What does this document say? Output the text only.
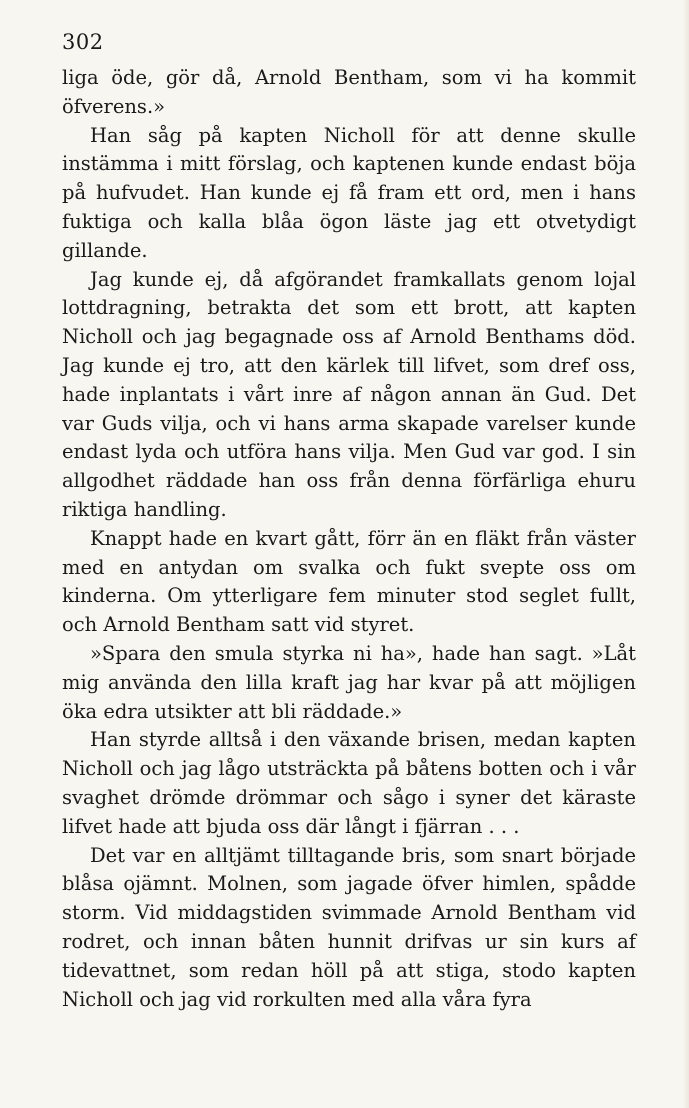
302

liga öde, gör då, Arnold Bentham, som vi ha kommit öfverens.»

Han såg på kapten Nicholl för att denne skulle instämma i mitt förslag, och kaptenen kunde endast böja på hufvudet. Han kunde ej få fram ett ord, men i hans fuktiga och kalla blåa ögon läste jag ett otvetydigt gillande.

Jag kunde ej, då afgörandet framkallats genom lojal lottdragning, betrakta det som ett brott, att kapten Nicholl och jag begagnade oss af Arnold Benthams död. Jag kunde ej tro, att den kärlek till lifvet, som dref oss, hade inplantats i vårt inre af någon annan än Gud. Det var Guds vilja, och vi hans arma skapade varelser kunde endast lyda och utföra hans vilja. Men Gud var god. I sin allgodhet räddade han oss från denna förfärliga ehuru riktiga handling.

Knappt hade en kvart gått, förr än en fläkt från väster med en antydan om svalka och fukt svepte oss om kinderna. Om ytterligare fem minuter stod seglet fullt, och Arnold Bentham satt vid styret.

»Spara den smula styrka ni ha», hade han sagt. »Låt mig använda den lilla kraft jag har kvar på att möjligen öka edra utsikter att bli räddade.»

Han styrde alltså i den växande brisen, medan kapten Nicholl och jag lågo utsträckta på båtens botten och i vår svaghet drömde drömmar och sågo i syner det käraste lifvet hade att bjuda oss där långt i fjärran . . .

Det var en alltjämt tilltagande bris, som snart började blåsa ojämnt. Molnen, som jagade öfver himlen, spådde storm. Vid middagstiden svimmade Arnold Bentham vid rodret, och innan båten hunnit drifvas ur sin kurs af tidevattnet, som redan höll på att stiga, stodo kapten Nicholl och jag vid rorkulten med alla våra fyra
